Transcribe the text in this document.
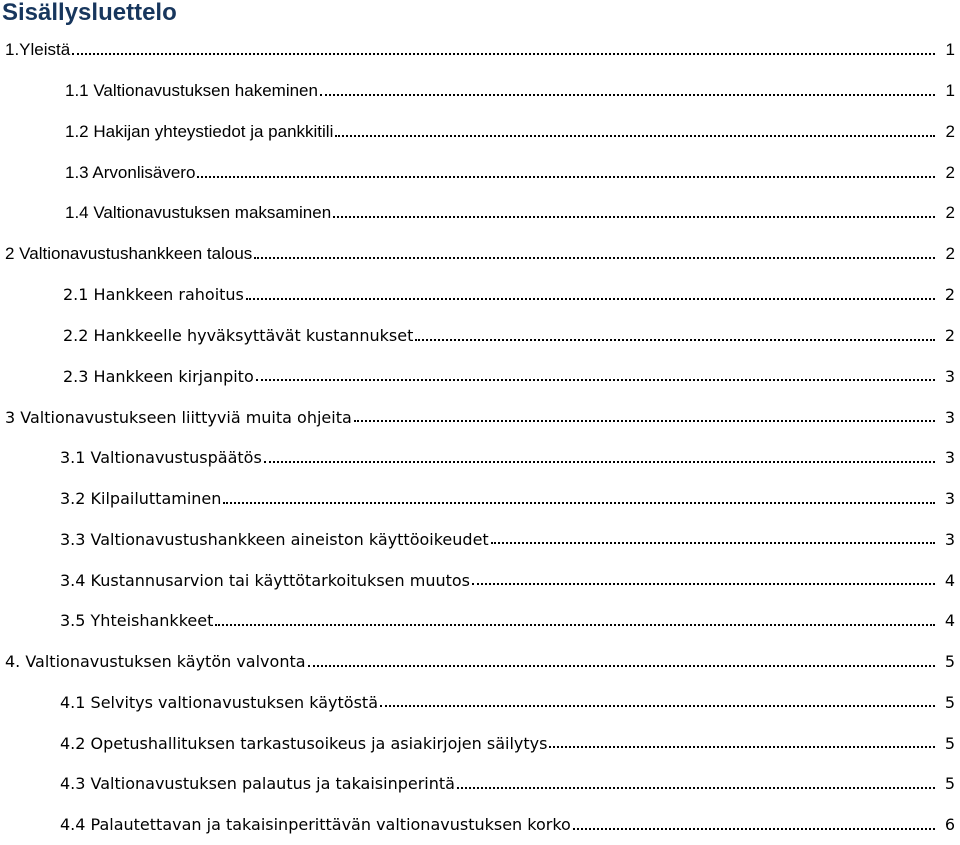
Sisällysluettelo
1.Yleistä	1
1.1 Valtionavustuksen hakeminen	1
1.2 Hakijan yhteystiedot ja pankkitili	2
1.3 Arvonlisävero	2
1.4 Valtionavustuksen maksaminen	2
2 Valtionavustushankkeen talous	2
2.1 Hankkeen rahoitus	2
2.2 Hankkeelle hyväksyttävät kustannukset	2
2.3 Hankkeen kirjanpito	3
3 Valtionavustukseen liittyviä muita ohjeita	3
3.1 Valtionavustuspäätös	3
3.2 Kilpailuttaminen	3
3.3 Valtionavustushankkeen aineiston käyttöoikeudet	3
3.4 Kustannusarvion tai käyttötarkoituksen muutos	4
3.5 Yhteishankkeet	4
4. Valtionavustuksen käytön valvonta	5
4.1 Selvitys valtionavustuksen käytöstä	5
4.2 Opetushallituksen tarkastusoikeus ja asiakirjojen säilytys	5
4.3 Valtionavustuksen palautus ja takaisinperintä	5
4.4 Palautettavan ja takaisinperittävän valtionavustuksen korko	6
